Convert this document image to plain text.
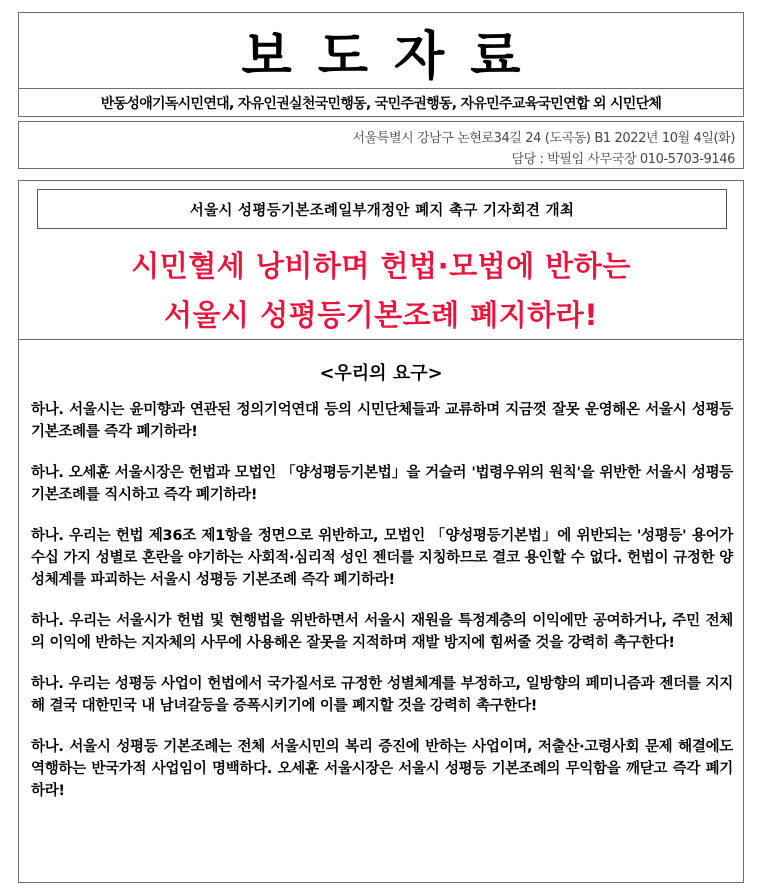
보도자료
반동성애기독시민연대, 자유인권실천국민행동, 국민주권행동, 자유민주교육국민연합 외 시민단체
서울특별시 강남구 논현로34길 24 (도곡동) B1 2022년 10월 4일(화)
담당 : 박필임 사무국장 010-5703-9146
서울시 성평등기본조례일부개정안 폐지 촉구 기자회견 개최
시민혈세 낭비하며 헌법·모법에 반하는
서울시 성평등기본조례 폐지하라!
<우리의 요구>

하나. 서울시는 윤미향과 연관된 정의기억연대 등의 시민단체들과 교류하며 지금껏 잘못 운영해온 서울시 성평등 기본조례를 즉각 폐기하라!

하나. 오세훈 서울시장은 헌법과 모법인 「양성평등기본법」을 거슬러 '법령우위의 원칙'을 위반한 서울시 성평등 기본조례를 직시하고 즉각 폐기하라!

하나. 우리는 헌법 제36조 제1항을 정면으로 위반하고, 모법인 「양성평등기본법」에 위반되는 '성평등' 용어가 수십 가지 성별로 혼란을 야기하는 사회적·심리적 성인 젠더를 지칭하므로 결코 용인할 수 없다. 헌법이 규정한 양성체계를 파괴하는 서울시 성평등 기본조례 즉각 폐기하라!

하나. 우리는 서울시가 헌법 및 현행법을 위반하면서 서울시 재원을 특정계층의 이익에만 공여하거나, 주민 전체의 이익에 반하는 지자체의 사무에 사용해온 잘못을 지적하며 재발 방지에 힘써줄 것을 강력히 촉구한다!

하나. 우리는 성평등 사업이 헌법에서 국가질서로 규정한 성별체계를 부정하고, 일방향의 페미니즘과 젠더를 지지해 결국 대한민국 내 남녀갈등을 증폭시키기에 이를 폐지할 것을 강력히 촉구한다!

하나. 서울시 성평등 기본조례는 전체 서울시민의 복리 증진에 반하는 사업이며, 저출산·고령사회 문제 해결에도 역행하는 반국가적 사업임이 명백하다. 오세훈 서울시장은 서울시 성평등 기본조례의 무익함을 깨닫고 즉각 폐기하라!
